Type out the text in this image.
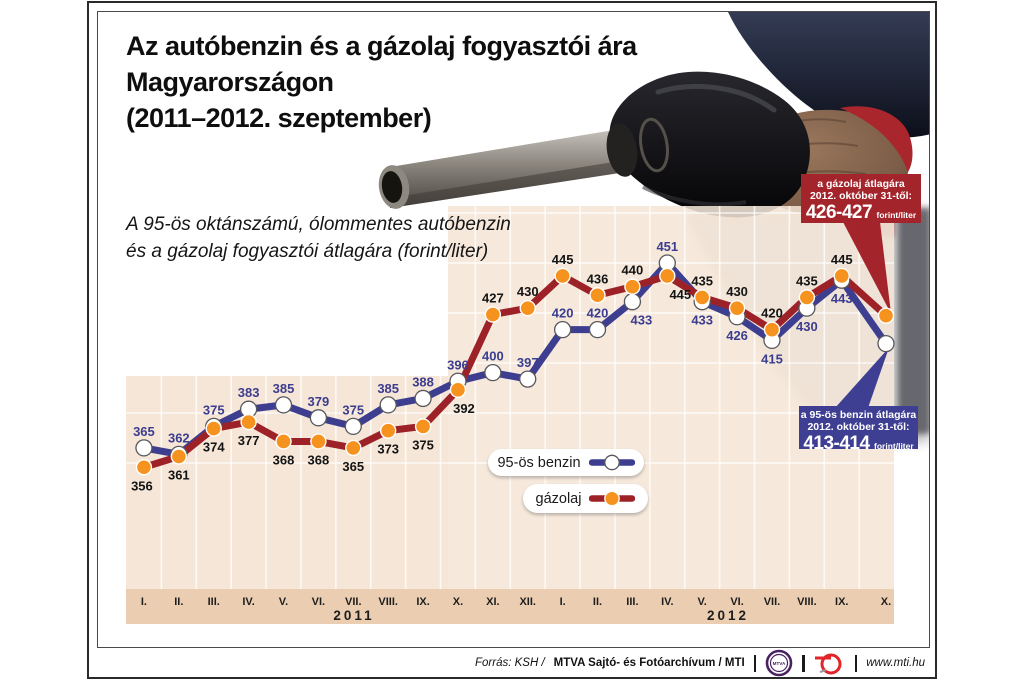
365 362
375
383 385
379
375
385 388
396
400 397
420 420 433
451
433
426
415
430
443
356
361
374 377
368 368 365
373 375
392
427 430
445
436
440
445
435
430
420
435
445
I. II. III. IV. V. VI. VII. VIII. IX. X. XI. XII.
2011
I. II. III. IV. V. VI. VII. VIII. IX.	X.
2012
Az autóbenzin és a gázolaj fogyasztói ára
Magyarországon
(2011–2012. szeptember)
A 95-ös oktánszámú, ólommentes autóbenzin
és a gázolaj fogyasztói átlagára (forint/liter)
a gázolaj átlagára
2012. október 31-től:
426-427 forint/liter
a 95-ös benzin átlagára
2012. október 31-től:
413-414 forint/liter
95-ös benzin
gázolaj
Forrás: KSH / MTVA Sajtó- és Fotóarchívum / MTI	MTVA	www.mti.hu
